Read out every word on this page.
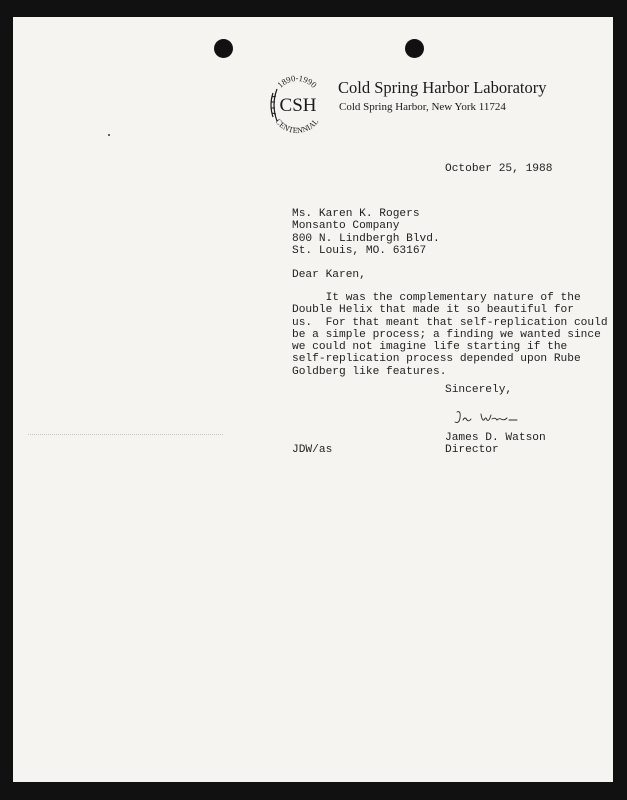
1890-1990
CSH
CENTENNIAL
Cold Spring Harbor Laboratory
Cold Spring Harbor, New York 11724
October 25, 1988
Ms. Karen K. Rogers
Monsanto Company
800 N. Lindbergh Blvd.
St. Louis, MO. 63167
Dear Karen,
It was the complementary nature of the
Double Helix that made it so beautiful for
us.  For that meant that self-replication could
be a simple process; a finding we wanted since
we could not imagine life starting if the
self-replication process depended upon Rube
Goldberg like features.
Sincerely,
James D. Watson
Director
JDW/as
